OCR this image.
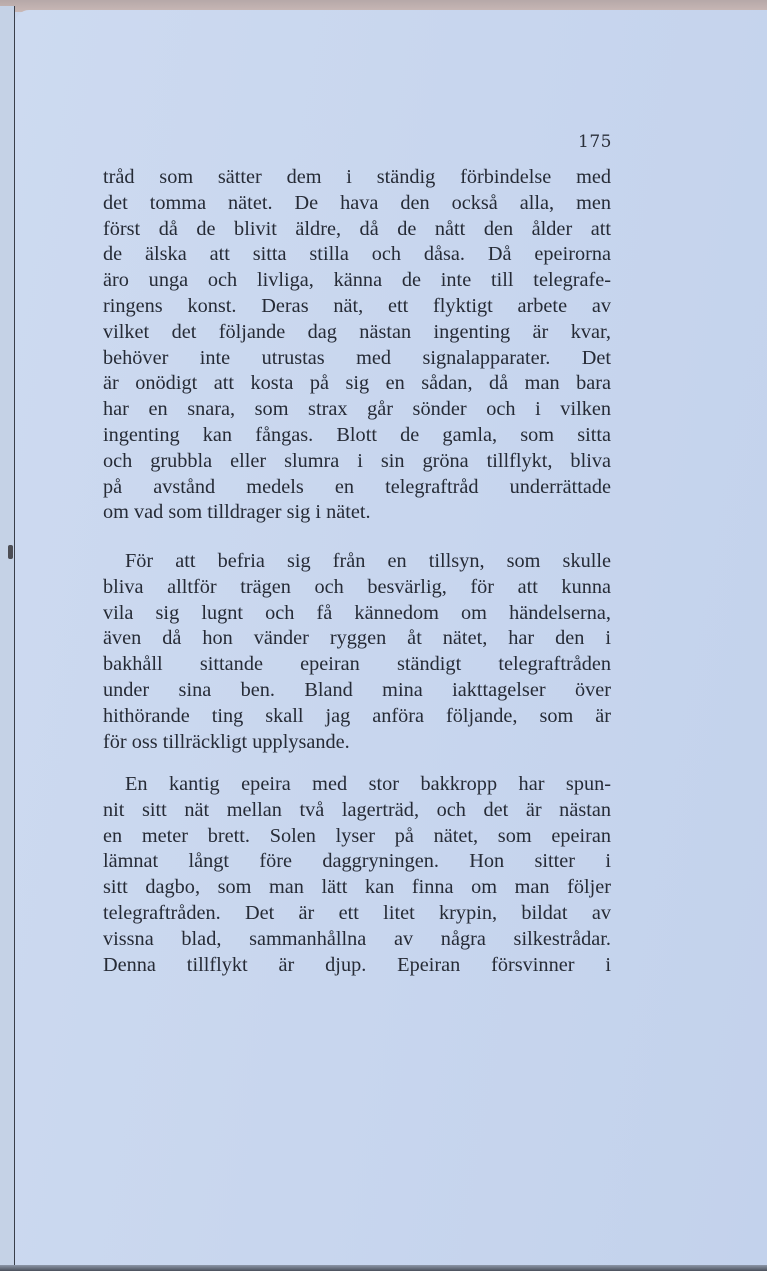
175
tråd som sätter dem i ständig förbindelse med
det tomma nätet. De hava den också alla, men
först då de blivit äldre, då de nått den ålder att
de älska att sitta stilla och dåsa. Då epeirorna
äro unga och livliga, känna de inte till telegrafe-
ringens konst. Deras nät, ett flyktigt arbete av
vilket det följande dag nästan ingenting är kvar,
behöver inte utrustas med signalapparater. Det
är onödigt att kosta på sig en sådan, då man bara
har en snara, som strax går sönder och i vilken
ingenting kan fångas. Blott de gamla, som sitta
och grubbla eller slumra i sin gröna tillflykt, bliva
på avstånd medels en telegraftråd underrättade
om vad som tilldrager sig i nätet.
För att befria sig från en tillsyn, som skulle
bliva alltför trägen och besvärlig, för att kunna
vila sig lugnt och få kännedom om händelserna,
även då hon vänder ryggen åt nätet, har den i
bakhåll sittande epeiran ständigt telegraftråden
under sina ben. Bland mina iakttagelser över
hithörande ting skall jag anföra följande, som är
för oss tillräckligt upplysande.
En kantig epeira med stor bakkropp har spun-
nit sitt nät mellan två lagerträd, och det är nästan
en meter brett. Solen lyser på nätet, som epeiran
lämnat långt före daggryningen. Hon sitter i
sitt dagbo, som man lätt kan finna om man följer
telegraftråden. Det är ett litet krypin, bildat av
vissna blad, sammanhållna av några silkestrådar.
Denna tillflykt är djup. Epeiran försvinner i
